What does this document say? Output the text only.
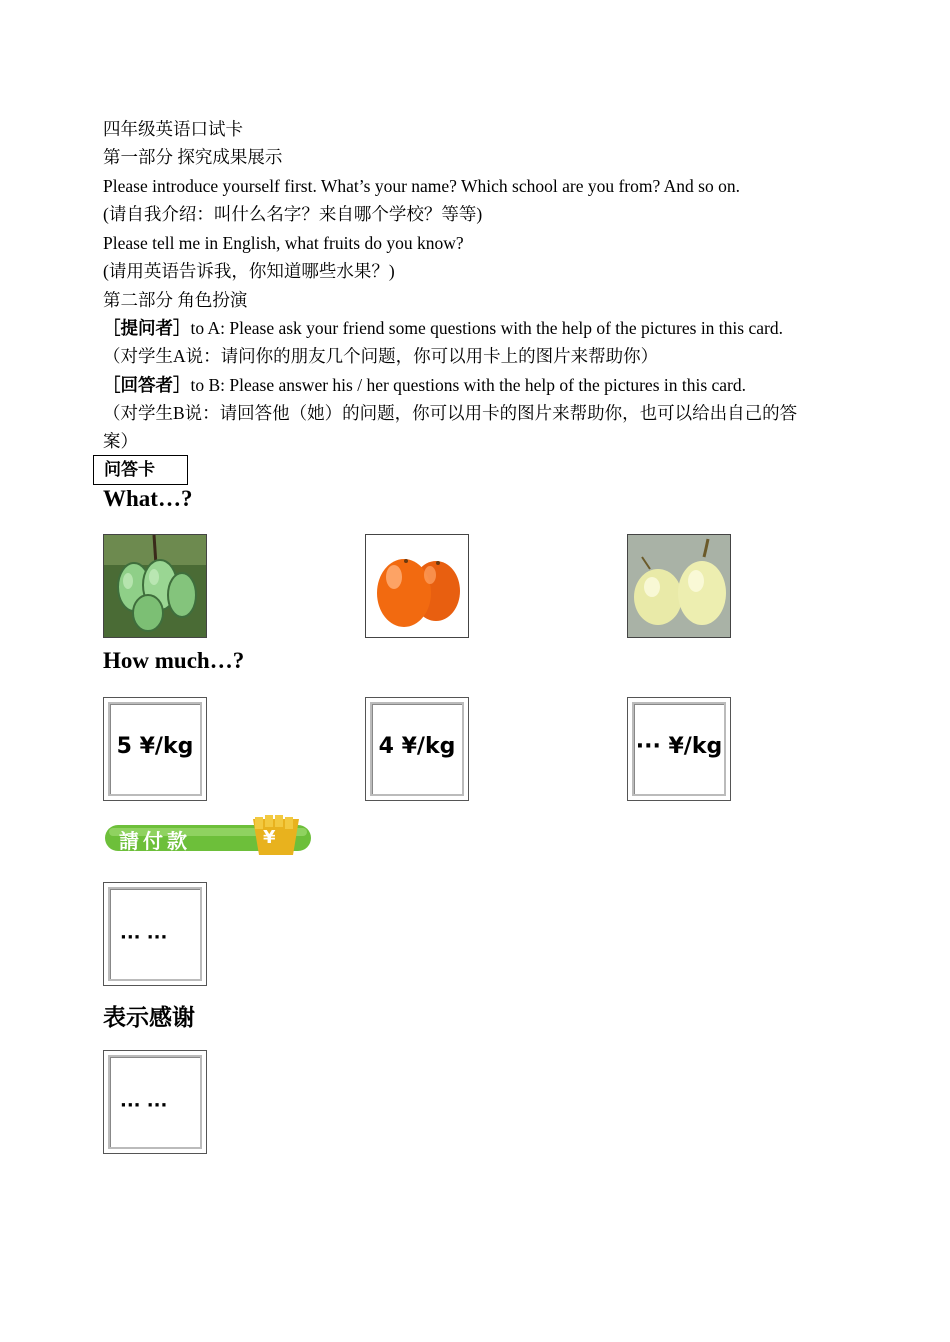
四年级英语口试卡
第一部分 探究成果展示
Please introduce yourself first. What’s your name? Which school are you from? And so on.
(请自我介绍：叫什么名字？来自哪个学校？等等)
Please tell me in English, what fruits do you know?
(请用英语告诉我，你知道哪些水果？)
第二部分 角色扮演
［提问者］to A: Please ask your friend some questions with the help of the pictures in this card.
（对学生A说：请问你的朋友几个问题，你可以用卡上的图片来帮助你）
［回答者］to B: Please answer his / her questions with the help of the pictures in this card.
（对学生B说：请回答他（她）的问题，你可以用卡的图片来帮助你，也可以给出自己的答
案）
问答卡
What…?
How much…?
5 ¥/kg	4 ¥/kg	··· ¥/kg
請付款	¥
··· ···
表示感谢
··· ···
